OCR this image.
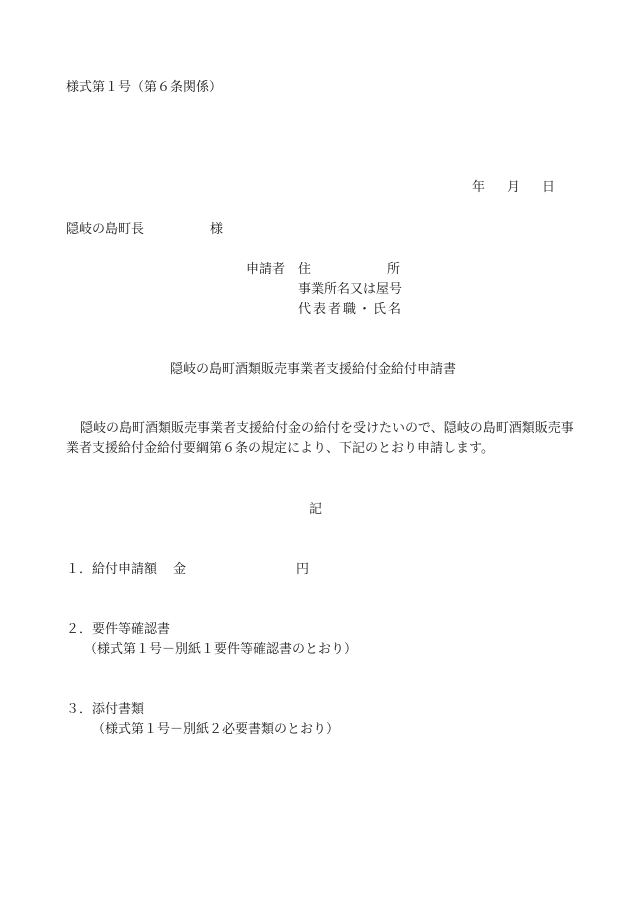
様式第１号（第６条関係）
年 月 日
隠岐の島町長	様
申請者 住	所
事業所名又は屋号
代表者職・氏名
隠岐の島町酒類販売事業者支援給付金給付申請書
隠岐の島町酒類販売事業者支援給付金の給付を受けたいので、隠岐の島町酒類販売事業者支援給付金給付要綱第６条の規定により、下記のとおり申請します。
記
１．給付申請額 金	円
２．要件等確認書
（様式第１号－別紙１要件等確認書のとおり）
３．添付書類
（様式第１号－別紙２必要書類のとおり）
